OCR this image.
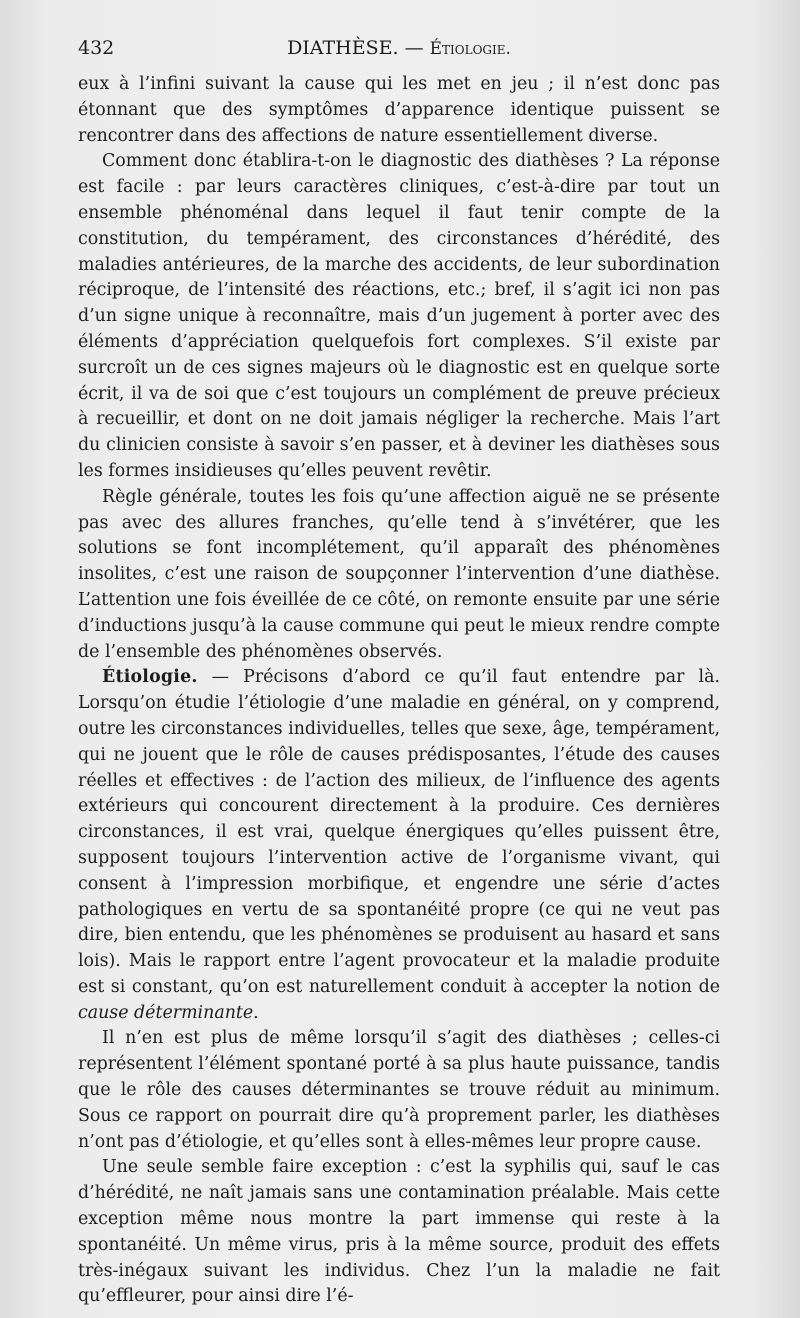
432	DIATHÈSE. — Étiologie.

eux à l’infini suivant la cause qui les met en jeu ; il n’est donc pas étonnant que des symptômes d’apparence identique puissent se rencontrer dans des affections de nature essentiellement diverse.

Comment donc établira-t-on le diagnostic des diathèses ? La réponse est facile : par leurs caractères cliniques, c’est-à-dire par tout un ensemble phénoménal dans lequel il faut tenir compte de la constitution, du tempérament, des circonstances d’hérédité, des maladies antérieures, de la marche des accidents, de leur subordination réciproque, de l’intensité des réactions, etc.; bref, il s’agit ici non pas d’un signe unique à reconnaître, mais d’un jugement à porter avec des éléments d’appréciation quelquefois fort complexes. S’il existe par surcroît un de ces signes majeurs où le diagnostic est en quelque sorte écrit, il va de soi que c’est toujours un complément de preuve précieux à recueillir, et dont on ne doit jamais négliger la recherche. Mais l’art du clinicien consiste à savoir s’en passer, et à deviner les diathèses sous les formes insidieuses qu’elles peuvent revêtir.

Règle générale, toutes les fois qu’une affection aiguë ne se présente pas avec des allures franches, qu’elle tend à s’invétérer, que les solutions se font incomplétement, qu’il apparaît des phénomènes insolites, c’est une raison de soupçonner l’intervention d’une diathèse. L’attention une fois éveillée de ce côté, on remonte ensuite par une série d’inductions jusqu’à la cause commune qui peut le mieux rendre compte de l’ensemble des phénomènes observés.

Étiologie. — Précisons d’abord ce qu’il faut entendre par là. Lorsqu’on étudie l’étiologie d’une maladie en général, on y comprend, outre les circonstances individuelles, telles que sexe, âge, tempérament, qui ne jouent que le rôle de causes prédisposantes, l’étude des causes réelles et effectives : de l’action des milieux, de l’influence des agents extérieurs qui concourent directement à la produire. Ces dernières circonstances, il est vrai, quelque énergiques qu’elles puissent être, supposent toujours l’intervention active de l’organisme vivant, qui consent à l’impression morbifique, et engendre une série d’actes pathologiques en vertu de sa spontanéité propre (ce qui ne veut pas dire, bien entendu, que les phénomènes se produisent au hasard et sans lois). Mais le rapport entre l’agent provocateur et la maladie produite est si constant, qu’on est naturellement conduit à accepter la notion de cause déterminante.

Il n’en est plus de même lorsqu’il s’agit des diathèses ; celles-ci représentent l’élément spontané porté à sa plus haute puissance, tandis que le rôle des causes déterminantes se trouve réduit au minimum. Sous ce rapport on pourrait dire qu’à proprement parler, les diathèses n’ont pas d’étiologie, et qu’elles sont à elles-mêmes leur propre cause.

Une seule semble faire exception : c’est la syphilis qui, sauf le cas d’hérédité, ne naît jamais sans une contamination préalable. Mais cette exception même nous montre la part immense qui reste à la spontanéité. Un même virus, pris à la même source, produit des effets très-inégaux suivant les individus. Chez l’un la maladie ne fait qu’effleurer, pour ainsi dire l’é-
